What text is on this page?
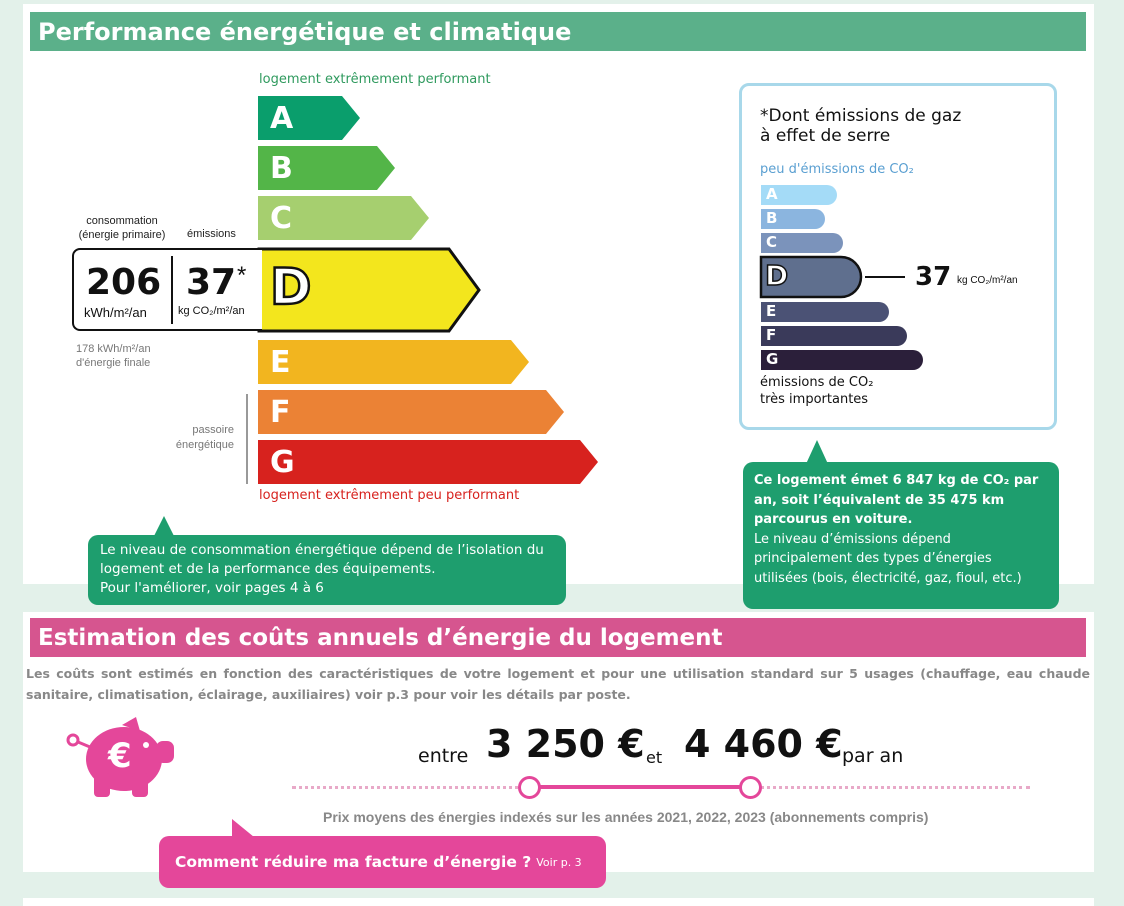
Performance énergétique et climatique
logement extrêmement performant
A
B
C
D
E
F
G
logement extrêmement peu performant
consommation
(énergie primaire)	émissions
206
kWh/m²/an
37 *
kg CO₂/m²/an
178 kWh/m²/an
d'énergie finale
passoire
énergétique
Le niveau de consommation énergétique dépend de l’isolation du
logement et de la performance des équipements.
Pour l'améliorer, voir pages 4 à 6
*Dont émissions de gaz
à effet de serre
peu d'émissions de CO₂
A
B
C
D
E
F
G
37 kg CO₂/m²/an
émissions de CO₂
très importantes
Ce logement émet 6 847 kg de CO₂ par
an, soit l’équivalent de 35 475 km
parcourus en voiture.
Le niveau d’émissions dépend
principalement des types d’énergies
utilisées (bois, électricité, gaz, fioul, etc.)
Estimation des coûts annuels d’énergie du logement
Les coûts sont estimés en fonction des caractéristiques de votre logement et pour une utilisation standard sur 5 usages (chauffage, eau chaude sanitaire, climatisation, éclairage, auxiliaires) voir p.3 pour voir les détails par poste.
€	entre 3 250 € et 4 460 € par an
Prix moyens des énergies indexés sur les années 2021, 2022, 2023 (abonnements compris)
Comment réduire ma facture d’énergie ? Voir p. 3
